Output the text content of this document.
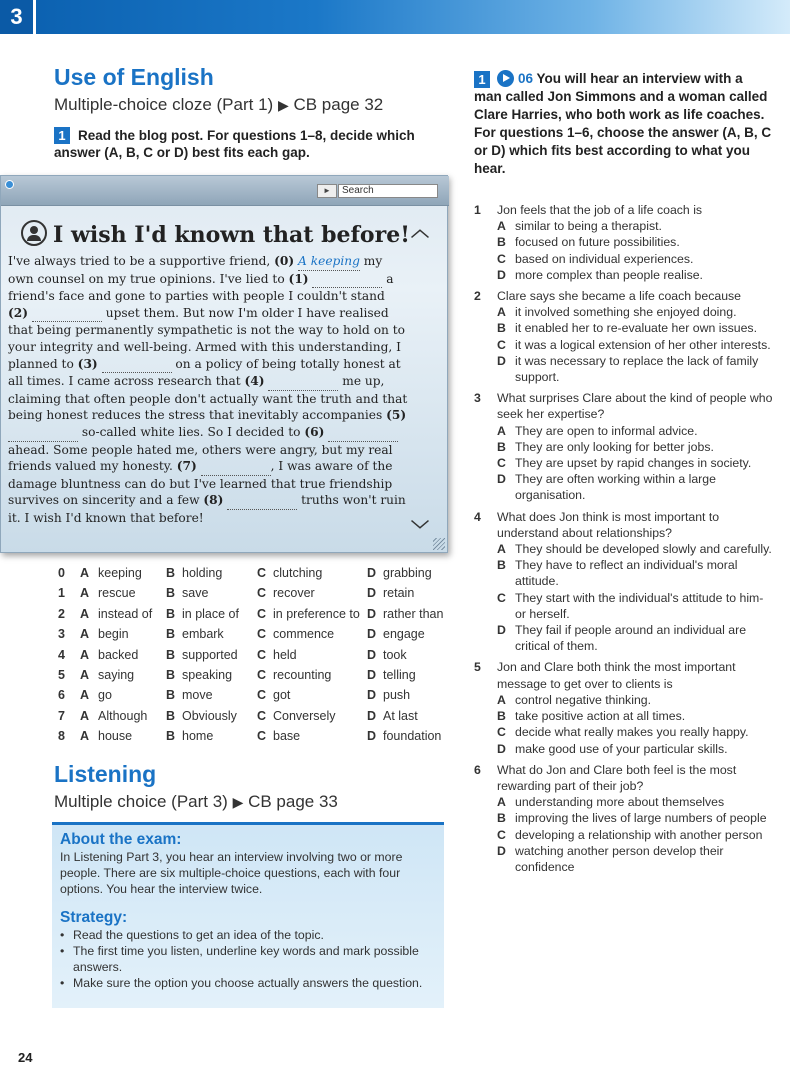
3
Use of English
Multiple-choice cloze (Part 1) ▶ CB page 32
1 Read the blog post. For questions 1–8, decide which answer (A, B, C or D) best fits each gap.
►	Search
I wish I'd known that before! ︿
﹀
I've always tried to be a supportive friend, (0) A keeping my own counsel on my true opinions. I've lied to (1)	a friend's face and gone to parties with people I couldn't stand (2)	upset them. But now I'm older I have realised that being permanently sympathetic is not the way to hold on to your integrity and well-being. Armed with this understanding, I planned to (3)	on a policy of being totally honest at all times. I came across research that (4)	me up, claiming that often people don't actually want the truth and that being honest reduces the stress that inevitably accompanies (5)   so-called white lies. So I decided to (6)   ahead. Some people hated me, others were angry, but my real friends valued my honesty. (7)	, I was aware of the damage bluntness can do but I've learned that true friendship survives on sincerity and a few (8)	truths won't ruin it. I wish I'd known that before!
0 A keeping B holding	C clutching	D grabbing
1 A rescue B save	C recover	D retain
2 A instead of B in place of C in preference to D rather than
3 A begin	B embark	C commence	D engage
4 A backed B supported C held	D took
5 A saying	B speaking C recounting	D telling
6 A go	B move	C got	D push
7 A Although B Obviously C Conversely	D At last
8 A house	B home	C base	D foundation
Listening
Multiple choice (Part 3) ▶ CB page 33
About the exam:

In Listening Part 3, you hear an interview involving two or more people. There are six multiple-choice questions, each with four options. You hear the interview twice.

Strategy:
• Read the questions to get an idea of the topic.
• The first time you listen, underline key words and mark possible answers.
• Make sure the option you choose actually answers the question.
24
1	06 You will hear an interview with a man called Jon Simmons and a woman called Clare Harries, who both work as life coaches. For questions 1–6, choose the answer (A, B, C or D) which fits best according to what you hear.
1 Jon feels that the job of a life coach is
A similar to being a therapist.
B focused on future possibilities.
C based on individual experiences.
D more complex than people realise.
2 Clare says she became a life coach because
A it involved something she enjoyed doing.
B it enabled her to re-evaluate her own issues.
C it was a logical extension of her other interests.
D it was necessary to replace the lack of family support.
3 What surprises Clare about the kind of people who seek her expertise?
A They are open to informal advice.
B They are only looking for better jobs.
C They are upset by rapid changes in society.
D They are often working within a large organisation.
4 What does Jon think is most important to understand about relationships?
A They should be developed slowly and carefully.
B They have to reflect an individual's moral attitude.
C They start with the individual's attitude to him- or herself.
D They fail if people around an individual are critical of them.
5 Jon and Clare both think the most important message to get over to clients is
A control negative thinking.
B take positive action at all times.
C decide what really makes you really happy.
D make good use of your particular skills.
6 What do Jon and Clare both feel is the most rewarding part of their job?
A understanding more about themselves
B improving the lives of large numbers of people
C developing a relationship with another person
D watching another person develop their confidence
